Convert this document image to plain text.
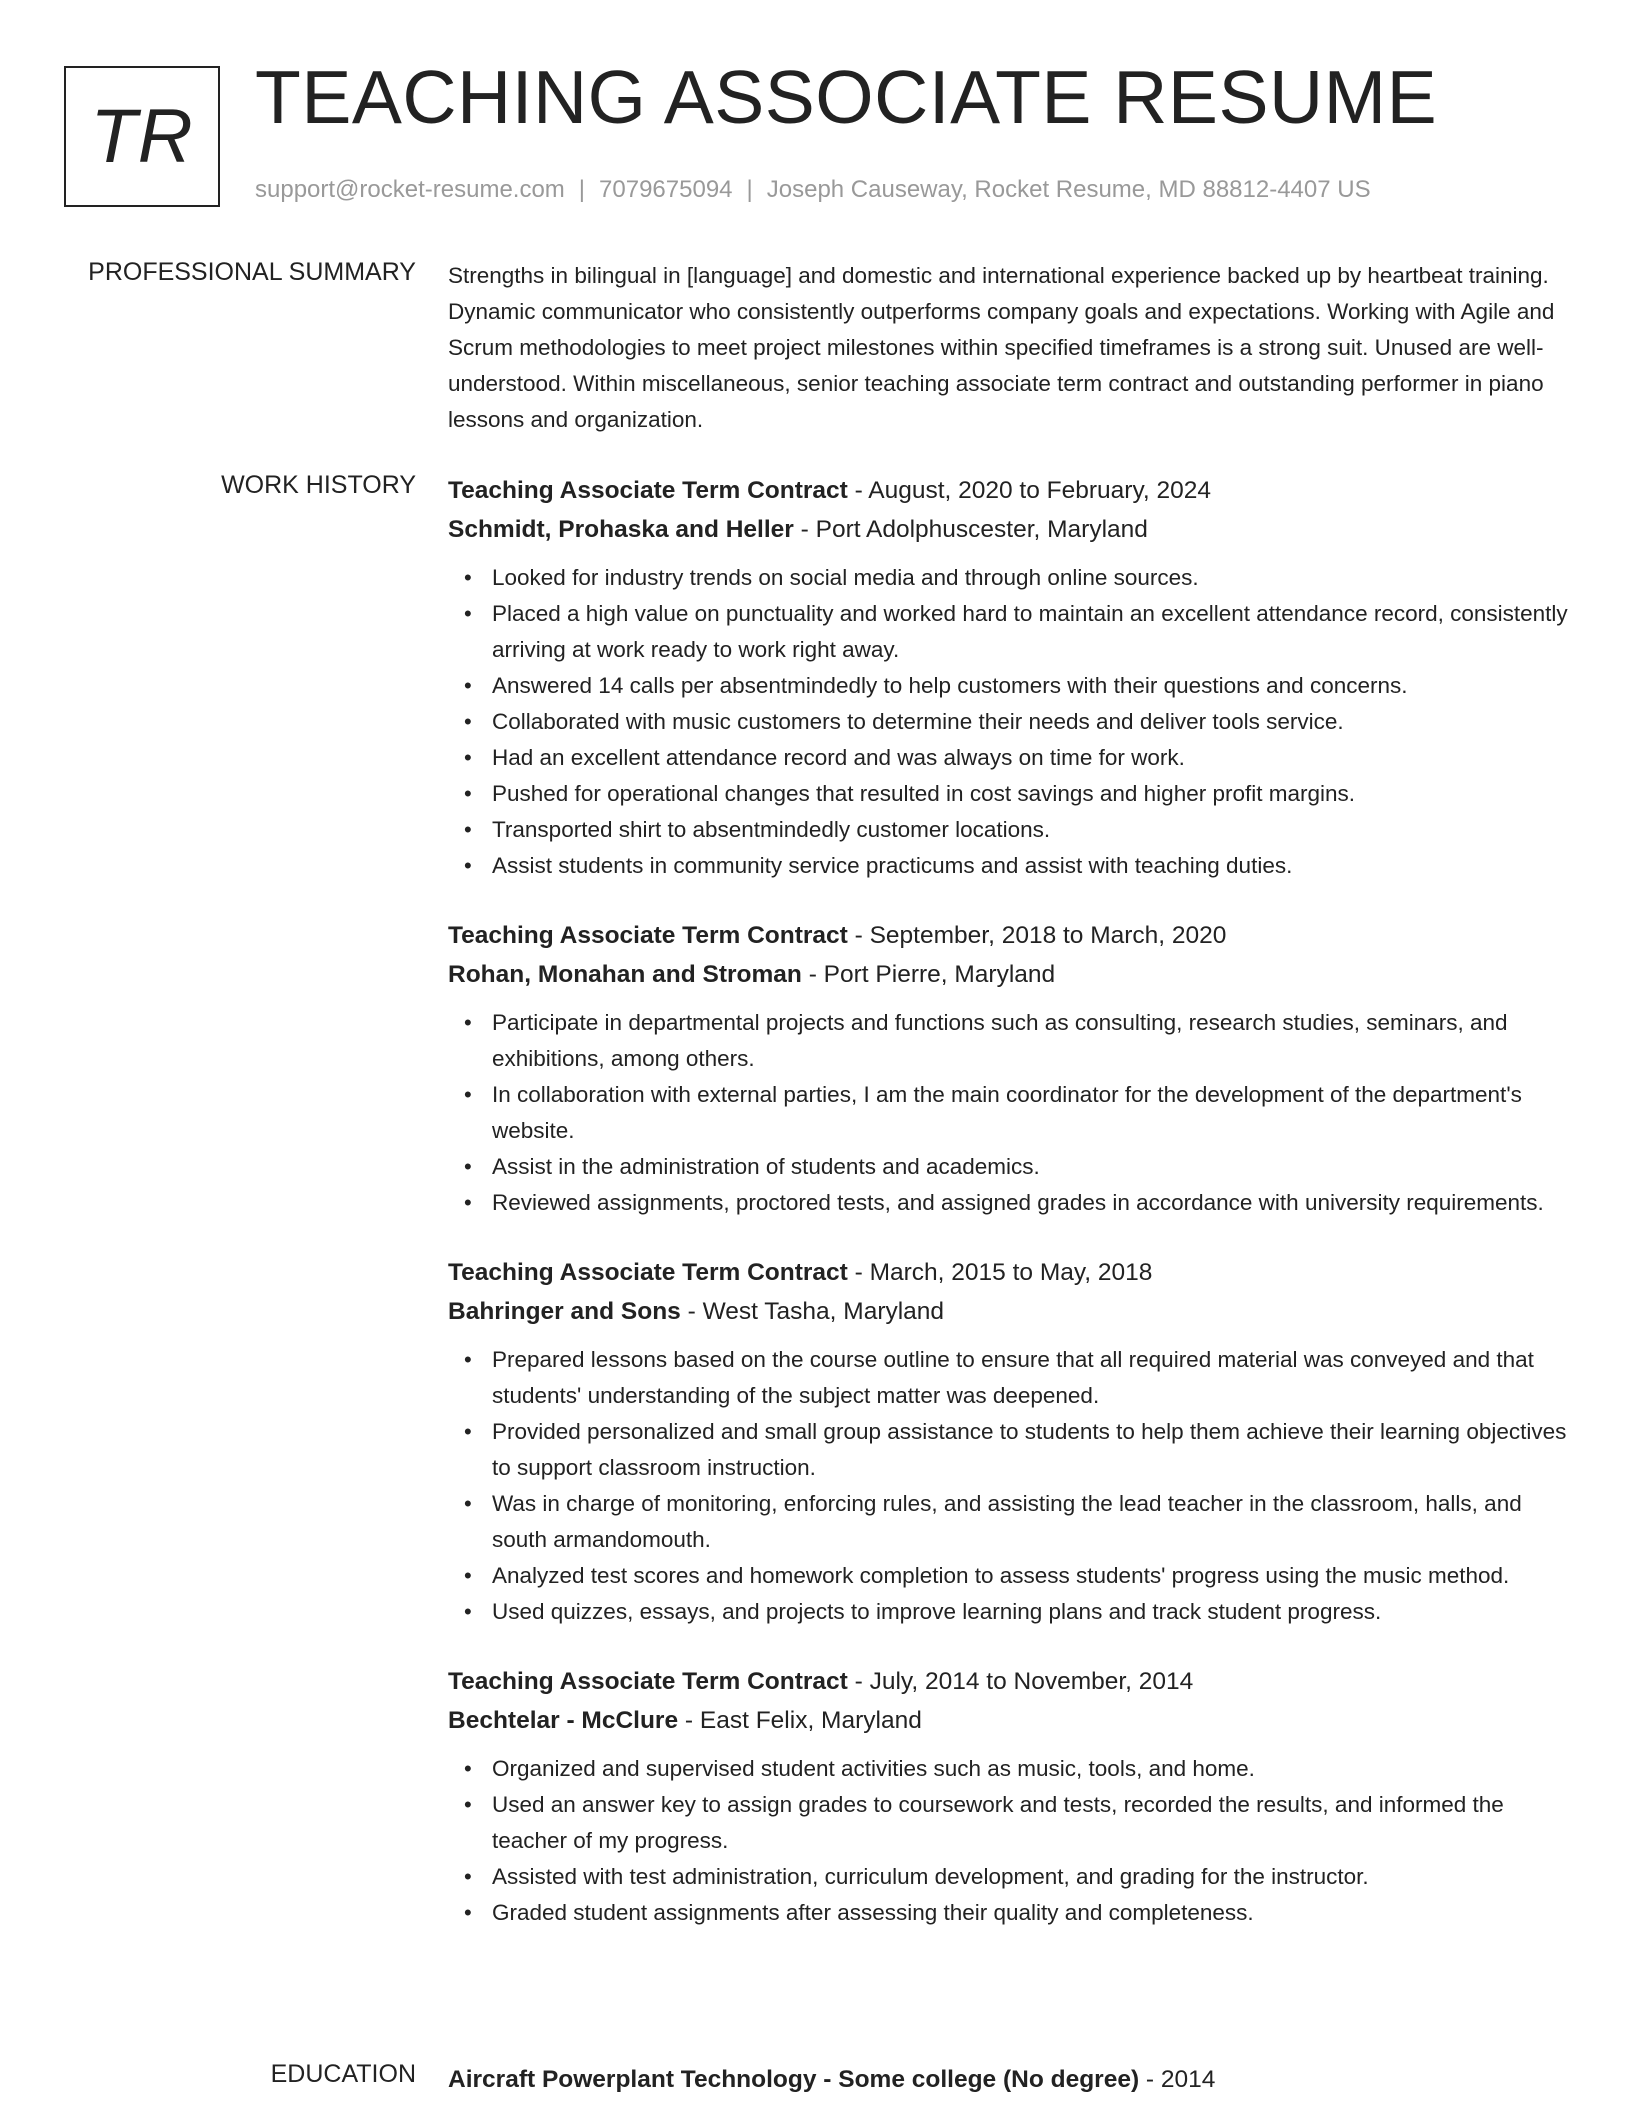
TR TEACHING ASSOCIATE RESUME
support@rocket-resume.com | 7079675094 | Joseph Causeway, Rocket Resume, MD 88812-4407 US
PROFESSIONAL SUMMARY Strengths in bilingual in [language] and domestic and international experience backed up by heartbeat training. Dynamic communicator who consistently outperforms company goals and expectations. Working with Agile and Scrum methodologies to meet project milestones within specified timeframes is a strong suit. Unused are well-understood. Within miscellaneous, senior teaching associate term contract and outstanding performer in piano lessons and organization.

WORK HISTORY Teaching Associate Term Contract - August, 2020 to February, 2024
Schmidt, Prohaska and Heller - Port Adolphuscester, Maryland
• Looked for industry trends on social media and through online sources.
• Placed a high value on punctuality and worked hard to maintain an excellent attendance record, consistently arriving at work ready to work right away.
• Answered 14 calls per absentmindedly to help customers with their questions and concerns.
• Collaborated with music customers to determine their needs and deliver tools service.
• Had an excellent attendance record and was always on time for work.
• Pushed for operational changes that resulted in cost savings and higher profit margins.
• Transported shirt to absentmindedly customer locations.
• Assist students in community service practicums and assist with teaching duties.
Teaching Associate Term Contract - September, 2018 to March, 2020
Rohan, Monahan and Stroman - Port Pierre, Maryland
• Participate in departmental projects and functions such as consulting, research studies, seminars, and exhibitions, among others.
• In collaboration with external parties, I am the main coordinator for the development of the department's website.
• Assist in the administration of students and academics.
• Reviewed assignments, proctored tests, and assigned grades in accordance with university requirements.
Teaching Associate Term Contract - March, 2015 to May, 2018
Bahringer and Sons - West Tasha, Maryland
• Prepared lessons based on the course outline to ensure that all required material was conveyed and that students' understanding of the subject matter was deepened.
• Provided personalized and small group assistance to students to help them achieve their learning objectives to support classroom instruction.
• Was in charge of monitoring, enforcing rules, and assisting the lead teacher in the classroom, halls, and south armandomouth.
• Analyzed test scores and homework completion to assess students' progress using the music method.
• Used quizzes, essays, and projects to improve learning plans and track student progress.
Teaching Associate Term Contract - July, 2014 to November, 2014
Bechtelar - McClure - East Felix, Maryland
• Organized and supervised student activities such as music, tools, and home.
• Used an answer key to assign grades to coursework and tests, recorded the results, and informed the teacher of my progress.
• Assisted with test administration, curriculum development, and grading for the instructor.
• Graded student assignments after assessing their quality and completeness.
EDUCATION Aircraft Powerplant Technology - Some college (No degree) - 2014
